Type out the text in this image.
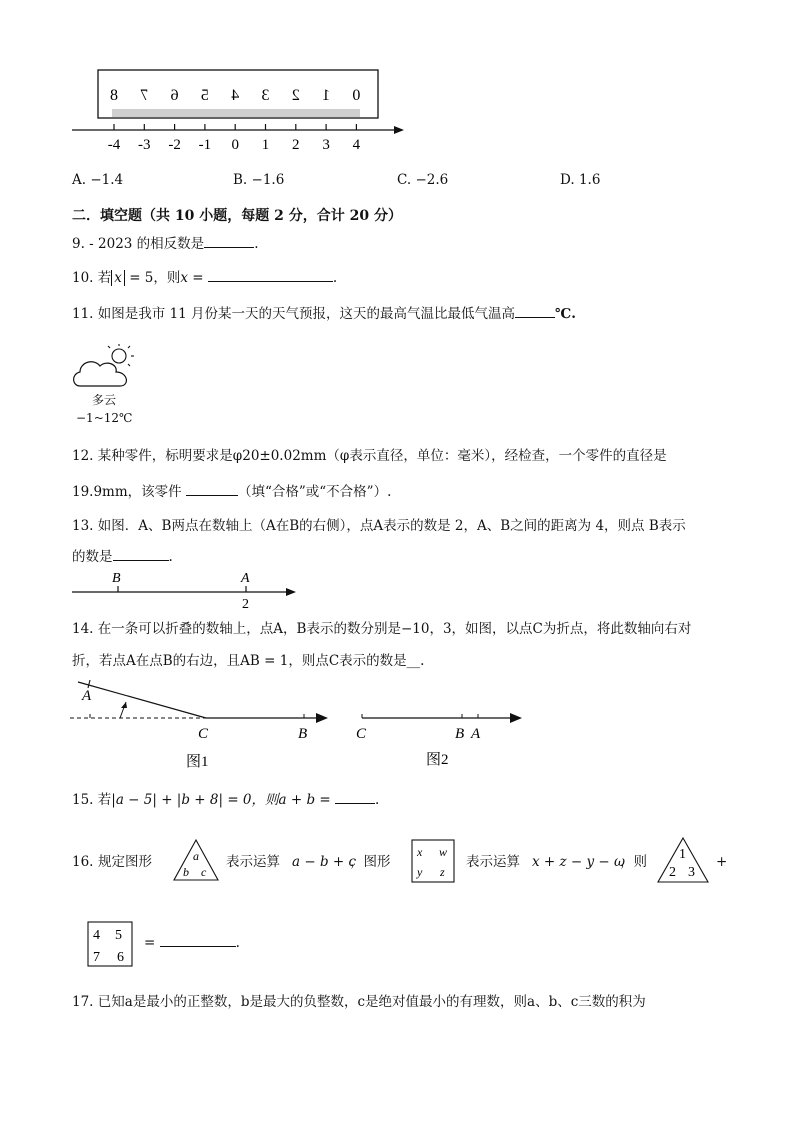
8 7 6 5 4 3 2 1 0
-4 -3 -2 -1 0 1 2 3 4
A. −1.4	B. −1.6	C. −2.6	D. 1.6
二．填空题（共 10 小题，每题 2 分，合计 20 分）
9. - 2023 的相反数是	.
10. 若 x = 5，则x =	.
11. 如图是我市 11 月份某一天的天气预报，这天的最高气温比最低气温高	℃.
多云
−1~12℃
12. 某种零件，标明要求是φ20±0.02mm（φ表示直径，单位：毫米），经检查，一个零件的直径是
19.9mm，该零件	（填“合格”或“不合格”）.
13. 如图．A、B两点在数轴上（A在B的右侧），点A表示的数是 2，A、B之间的距离为 4，则点 B表示
的数是	.
B	A
2
14. 在一条可以折叠的数轴上，点A，B表示的数分别是−10，3，如图，以点C为折点，将此数轴向右对
折，若点A在点B的右边，且AB = 1，则点C表示的数是__.
A
C	B
图1
C	B A
图2
15. 若|a − 5| + |b + 8| = 0，则a + b =	.
16. 规定图形	a
b c
表示运算 a − b + c
，图形
x w
y z
表示运算 x + z − y − ω
，则 1
2 3
+
4 5
7 6
=	.
17. 已知a是最小的正整数，b是最大的负整数，c是绝对值最小的有理数，则a、b、c三数的积为
